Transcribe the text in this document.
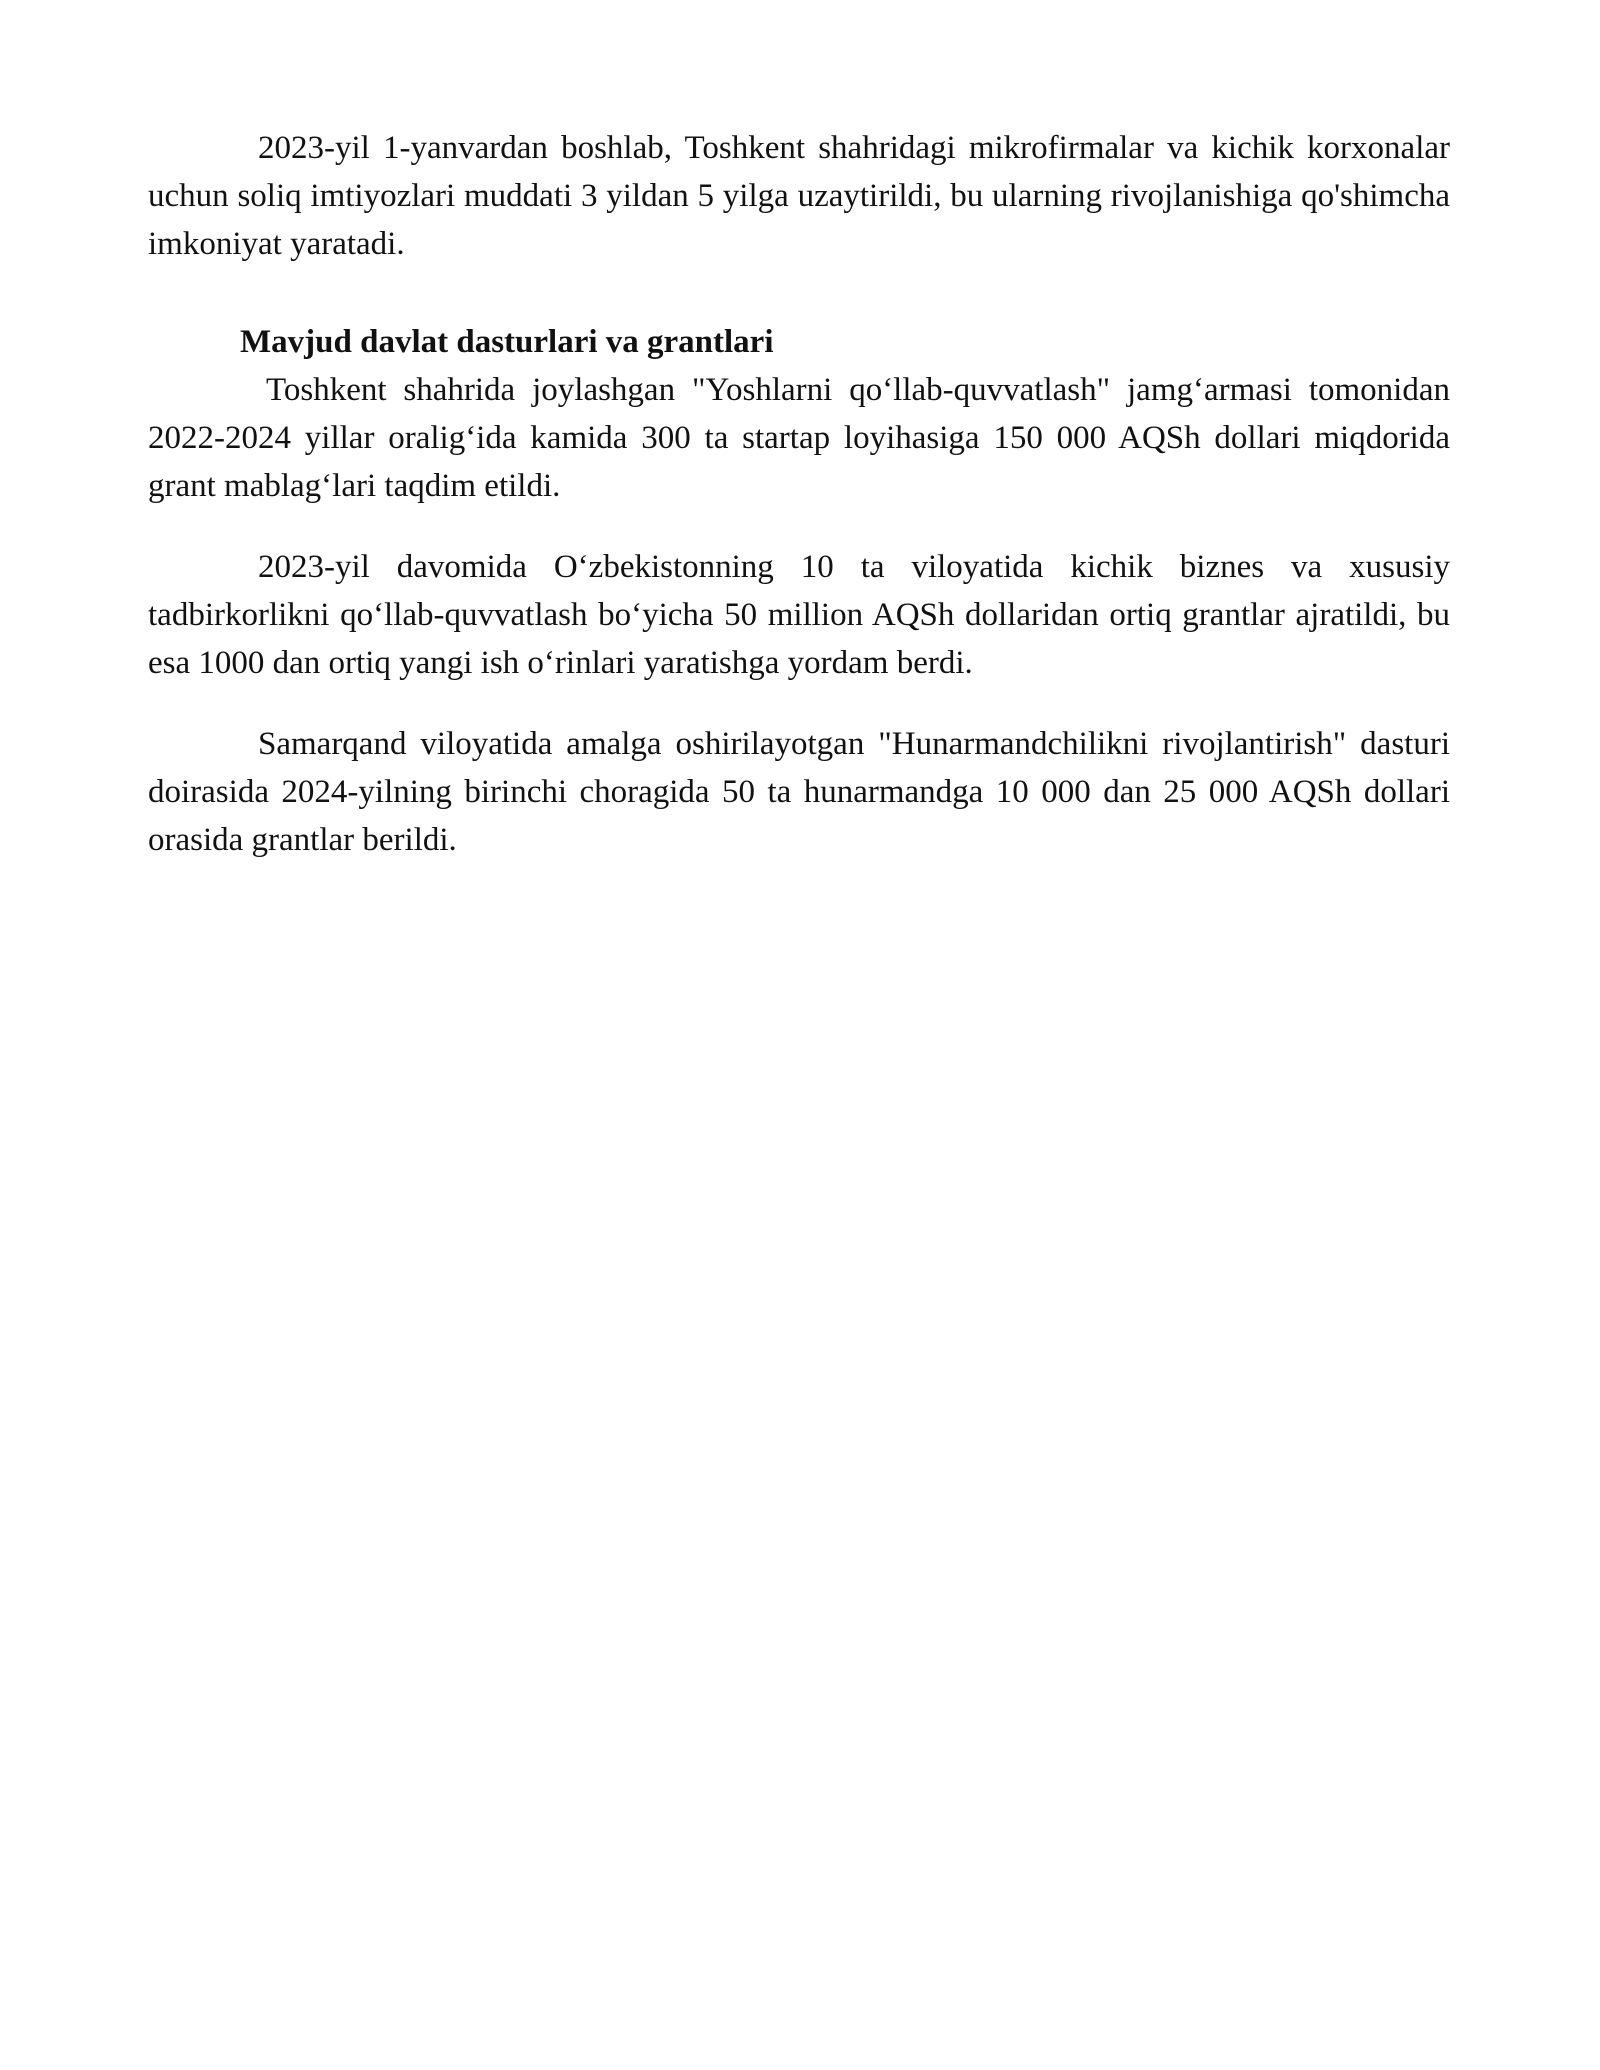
2023-yil 1-yanvardan boshlab, Toshkent shahridagi mikrofirmalar va kichik korxonalar uchun soliq imtiyozlari muddati 3 yildan 5 yilga uzaytirildi, bu ularning rivojlanishiga qo'shimcha imkoniyat yaratadi.

Mavjud davlat dasturlari va grantlari

Toshkent shahrida joylashgan "Yoshlarni qo‘llab-quvvatlash" jamg‘armasi tomonidan 2022-2024 yillar oralig‘ida kamida 300 ta startap loyihasiga 150 000 AQSh dollari miqdorida grant mablag‘lari taqdim etildi.

2023-yil davomida O‘zbekistonning 10 ta viloyatida kichik biznes va xususiy tadbirkorlikni qo‘llab-quvvatlash bo‘yicha 50 million AQSh dollaridan ortiq grantlar ajratildi, bu esa 1000 dan ortiq yangi ish o‘rinlari yaratishga yordam berdi.

Samarqand viloyatida amalga oshirilayotgan "Hunarmandchilikni rivojlantirish" dasturi doirasida 2024-yilning birinchi choragida 50 ta hunarmandga 10 000 dan 25 000 AQSh dollari orasida grantlar berildi.
